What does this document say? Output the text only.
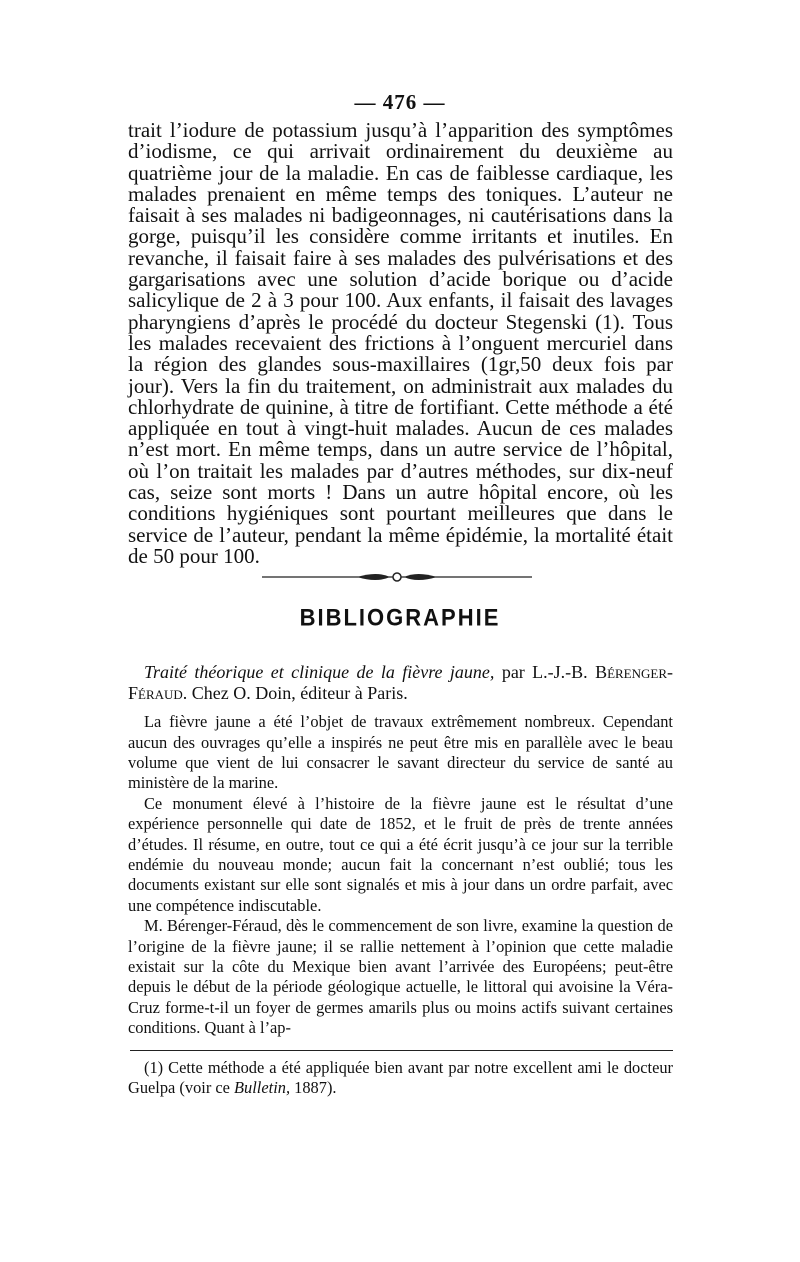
— 476 —

trait l’iodure de potassium jusqu’à l’apparition des symptômes d’iodisme, ce qui arrivait ordinairement du deuxième au quatrième jour de la maladie. En cas de faiblesse cardiaque, les malades prenaient en même temps des toniques. L’auteur ne faisait à ses malades ni badigeonnages, ni cautérisations dans la gorge, puisqu’il les considère comme irritants et inutiles. En revanche, il faisait faire à ses malades des pulvérisations et des gargarisations avec une solution d’acide borique ou d’acide salicylique de 2 à 3 pour 100. Aux enfants, il faisait des lavages pharyngiens d’après le procédé du docteur Stegenski (1). Tous les malades recevaient des frictions à l’onguent mercuriel dans la région des glandes sous-maxillaires (1gr,50 deux fois par jour). Vers la fin du traitement, on administrait aux malades du chlorhydrate de quinine, à titre de fortifiant. Cette méthode a été appliquée en tout à vingt-huit malades. Aucun de ces malades n’est mort. En même temps, dans un autre service de l’hôpital, où l’on traitait les malades par d’autres méthodes, sur dix-neuf cas, seize sont morts ! Dans un autre hôpital encore, où les conditions hygiéniques sont pourtant meilleures que dans le service de l’auteur, pendant la même épidémie, la mortalité était de 50 pour 100.

BIBLIOGRAPHIE

Traité théorique et clinique de la fièvre jaune, par L.-J.-B. Bérenger-Féraud. Chez O. Doin, éditeur à Paris.

La fièvre jaune a été l’objet de travaux extrêmement nombreux. Cependant aucun des ouvrages qu’elle a inspirés ne peut être mis en parallèle avec le beau volume que vient de lui consacrer le savant directeur du service de santé au ministère de la marine.

Ce monument élevé à l’histoire de la fièvre jaune est le résultat d’une expérience personnelle qui date de 1852, et le fruit de près de trente années d’études. Il résume, en outre, tout ce qui a été écrit jusqu’à ce jour sur la terrible endémie du nouveau monde; aucun fait la concernant n’est oublié; tous les documents existant sur elle sont signalés et mis à jour dans un ordre parfait, avec une compétence indiscutable.

M. Bérenger-Féraud, dès le commencement de son livre, examine la question de l’origine de la fièvre jaune; il se rallie nettement à l’opinion que cette maladie existait sur la côte du Mexique bien avant l’arrivée des Européens; peut-être depuis le début de la période géologique actuelle, le littoral qui avoisine la Véra-Cruz forme-t-il un foyer de germes amarils plus ou moins actifs suivant certaines conditions. Quant à l’ap-

(1) Cette méthode a été appliquée bien avant par notre excellent ami le docteur Guelpa (voir ce Bulletin, 1887).
